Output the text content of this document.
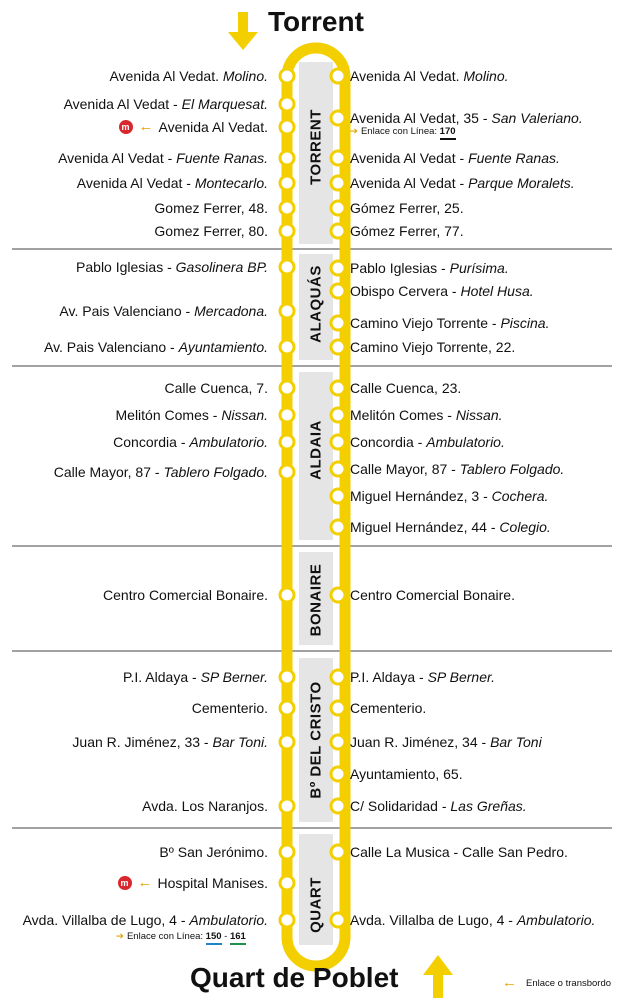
Torrent
Quart de Poblet
TORRENT
ALAQUÁS
ALDAIA
BONAIRE
Bº DEL CRISTO
QUART
Avenida Al Vedat. Molino.
Avenida Al Vedat - El Marquesat.
Avenida Al Vedat.
m ←
Avenida Al Vedat - Fuente Ranas.
Avenida Al Vedat - Montecarlo.
Gomez Ferrer, 48.
Gomez Ferrer, 80.
Pablo Iglesias - Gasolinera BP.
Av. Pais Valenciano - Mercadona.
Av. Pais Valenciano - Ayuntamiento.
Calle Cuenca, 7.
Melitón Comes - Nissan.
Concordia - Ambulatorio.
Calle Mayor, 87 - Tablero Folgado.
Centro Comercial Bonaire.
P.I. Aldaya - SP Berner.
Cementerio.
Juan R. Jiménez, 33 - Bar Toni.
Avda. Los Naranjos.
Bº San Jerónimo.
Hospital Manises.
m ←
Avda. Villalba de Lugo, 4 - Ambulatorio.
Avenida Al Vedat. Molino.
Avenida Al Vedat, 35 - San Valeriano.
Avenida Al Vedat - Fuente Ranas.
Avenida Al Vedat - Parque Moralets.
Gómez Ferrer, 25.
Gómez Ferrer, 77.
Pablo Iglesias - Purísima.
Obispo Cervera - Hotel Husa.
Camino Viejo Torrente - Piscina.
Camino Viejo Torrente, 22.
Calle Cuenca, 23.
Melitón Comes - Nissan.
Concordia - Ambulatorio.
Calle Mayor, 87 - Tablero Folgado.
Miguel Hernández, 3 - Cochera.
Miguel Hernández, 44 - Colegio.
Centro Comercial Bonaire.
P.I. Aldaya - SP Berner.
Cementerio.
Juan R. Jiménez, 34 - Bar Toni
Ayuntamiento, 65.
C/ Solidaridad - Las Greñas.
Calle La Musica - Calle San Pedro.
Avda. Villalba de Lugo, 4 - Ambulatorio.
➔ Enlace con Línea: 170
➔ Enlace con Línea: 150 - 161
← Enlace o transbordo
